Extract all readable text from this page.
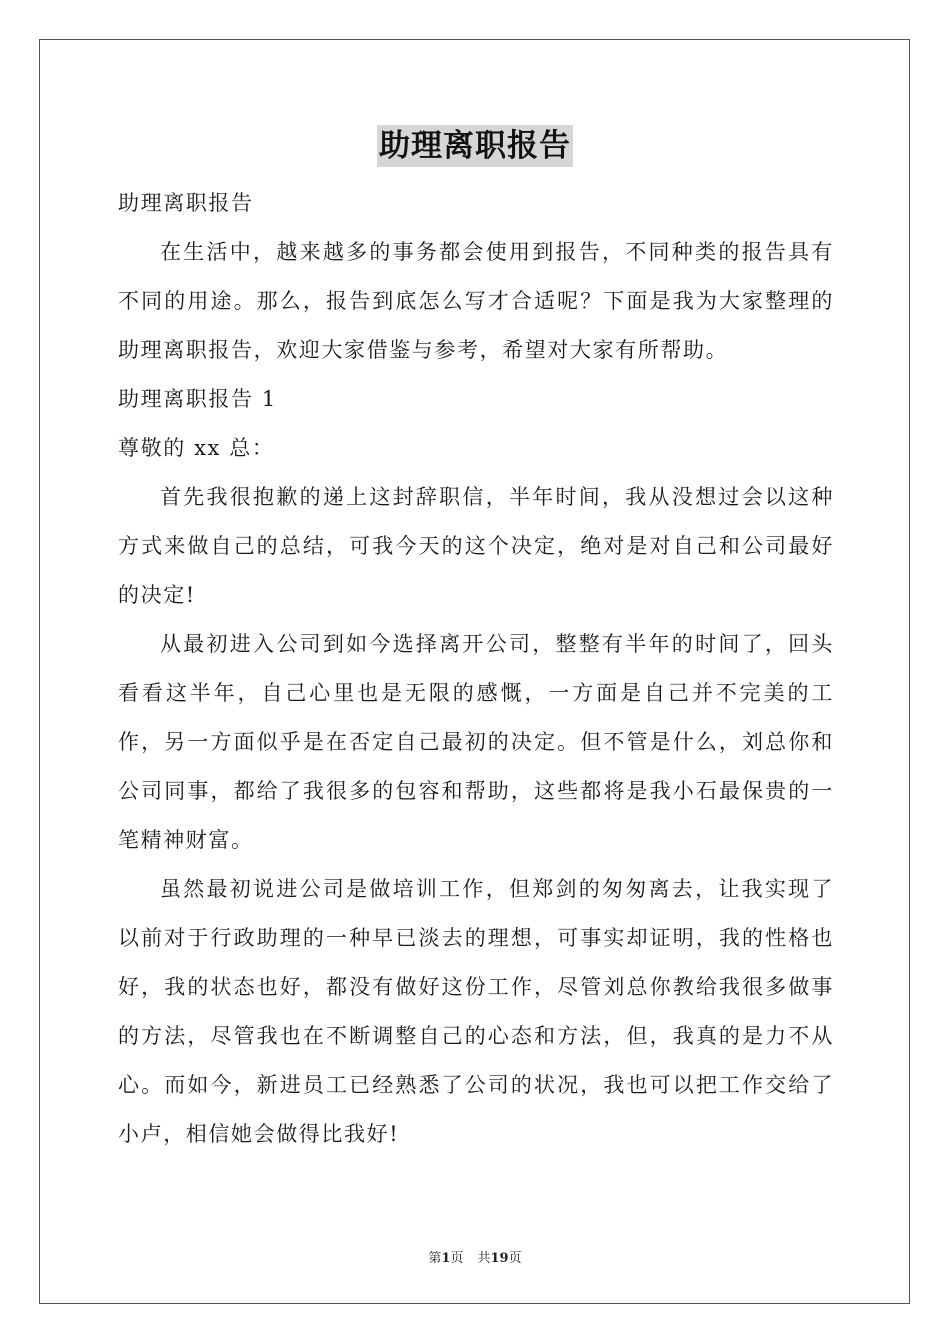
助理离职报告

助理离职报告

在生活中，越来越多的事务都会使用到报告，不同种类的报告具有不同的用途。那么，报告到底怎么写才合适呢？下面是我为大家整理的助理离职报告，欢迎大家借鉴与参考，希望对大家有所帮助。

助理离职报告 1

尊敬的 xx 总：

首先我很抱歉的递上这封辞职信，半年时间，我从没想过会以这种方式来做自己的总结，可我今天的这个决定，绝对是对自己和公司最好的决定!

从最初进入公司到如今选择离开公司，整整有半年的时间了，回头看看这半年，自己心里也是无限的感慨，一方面是自己并不完美的工作，另一方面似乎是在否定自己最初的决定。但不管是什么，刘总你和公司同事，都给了我很多的包容和帮助，这些都将是我小石最保贵的一笔精神财富。

虽然最初说进公司是做培训工作，但郑剑的匆匆离去，让我实现了以前对于行政助理的一种早已淡去的理想，可事实却证明，我的性格也好，我的状态也好，都没有做好这份工作，尽管刘总你教给我很多做事的方法，尽管我也在不断调整自己的心态和方法，但，我真的是力不从心。而如今，新进员工已经熟悉了公司的状况，我也可以把工作交给了小卢，相信她会做得比我好!

第1页 共19页
